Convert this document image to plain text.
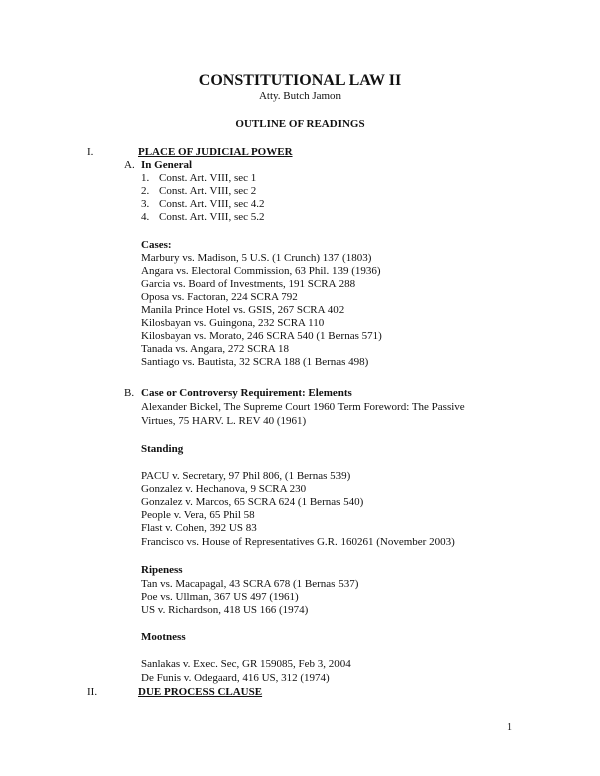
CONSTITUTIONAL LAW II
Atty. Butch Jamon
OUTLINE OF READINGS
I.	PLACE OF JUDICIAL POWER
A. In General
1. Const. Art. VIII, sec 1
2. Const. Art. VIII, sec 2
3. Const. Art. VIII, sec 4.2
4. Const. Art. VIII, sec 5.2
Cases:
Marbury vs. Madison, 5 U.S. (1 Crunch) 137 (1803)
Angara vs. Electoral Commission, 63 Phil. 139 (1936)
Garcia vs. Board of Investments, 191 SCRA 288
Oposa vs. Factoran, 224 SCRA 792
Manila Prince Hotel vs. GSIS, 267 SCRA 402
Kilosbayan vs. Guingona, 232 SCRA 110
Kilosbayan vs. Morato, 246 SCRA 540 (1 Bernas 571)
Tanada vs. Angara, 272 SCRA 18
Santiago vs. Bautista, 32 SCRA 188 (1 Bernas 498)
B. Case or Controversy Requirement: Elements
Alexander Bickel, The Supreme Court 1960 Term Foreword: The Passive
Virtues, 75 HARV. L. REV 40 (1961)
Standing
PACU v. Secretary, 97 Phil 806, (1 Bernas 539)
Gonzalez v. Hechanova, 9 SCRA 230
Gonzalez v. Marcos, 65 SCRA 624 (1 Bernas 540)
People v. Vera, 65 Phil 58
Flast v. Cohen, 392 US 83
Francisco vs. House of Representatives G.R. 160261 (November 2003)
Ripeness
Tan vs. Macapagal, 43 SCRA 678 (1 Bernas 537)
Poe vs. Ullman, 367 US 497 (1961)
US v. Richardson, 418 US 166 (1974)
Mootness
Sanlakas v. Exec. Sec, GR 159085, Feb 3, 2004
De Funis v. Odegaard, 416 US, 312 (1974)
II.	DUE PROCESS CLAUSE
1
